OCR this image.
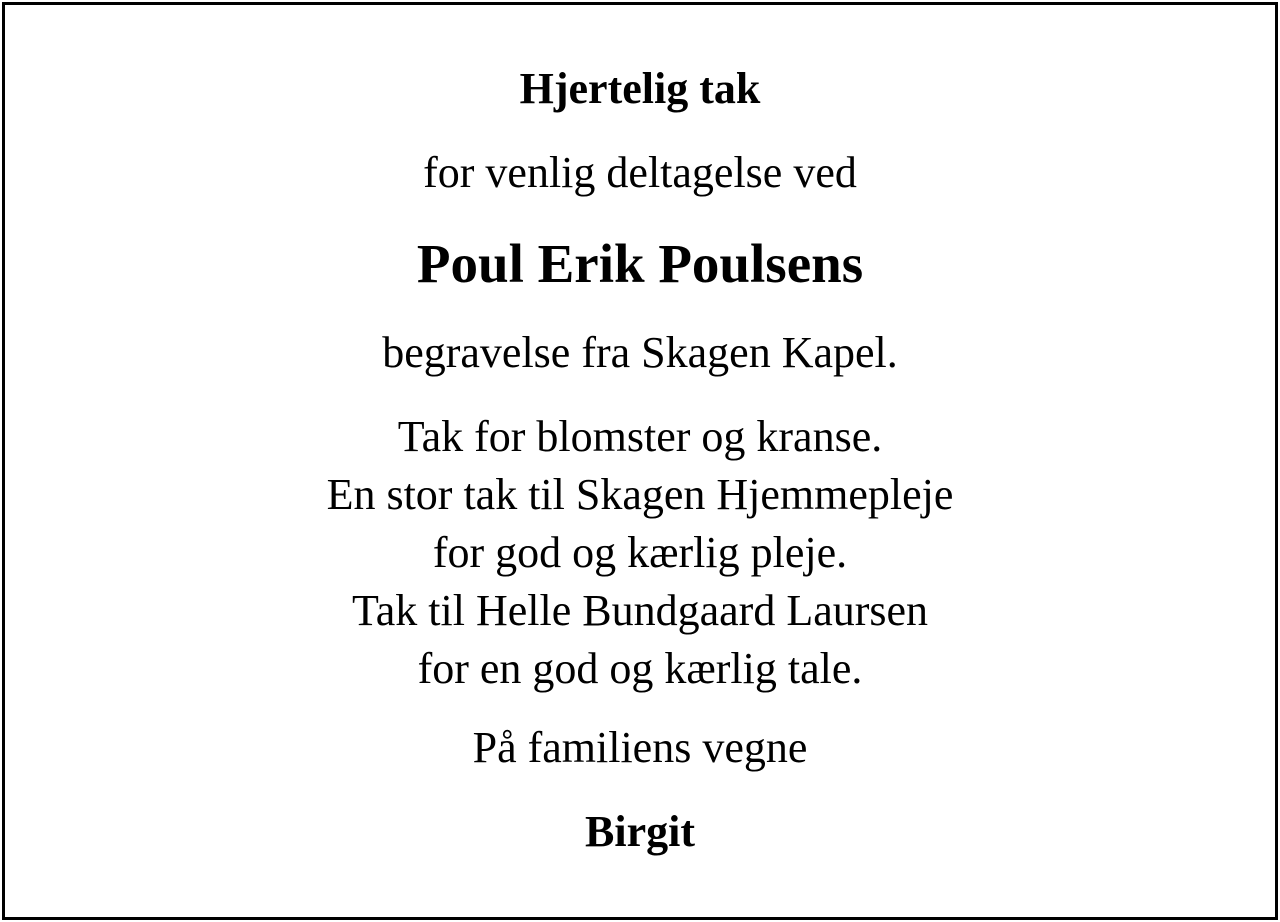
Hjertelig tak
for venlig deltagelse ved
Poul Erik Poulsens
begravelse fra Skagen Kapel.
Tak for blomster og kranse.
En stor tak til Skagen Hjemmepleje
for god og kærlig pleje.
Tak til Helle Bundgaard Laursen
for en god og kærlig tale.
På familiens vegne
Birgit
